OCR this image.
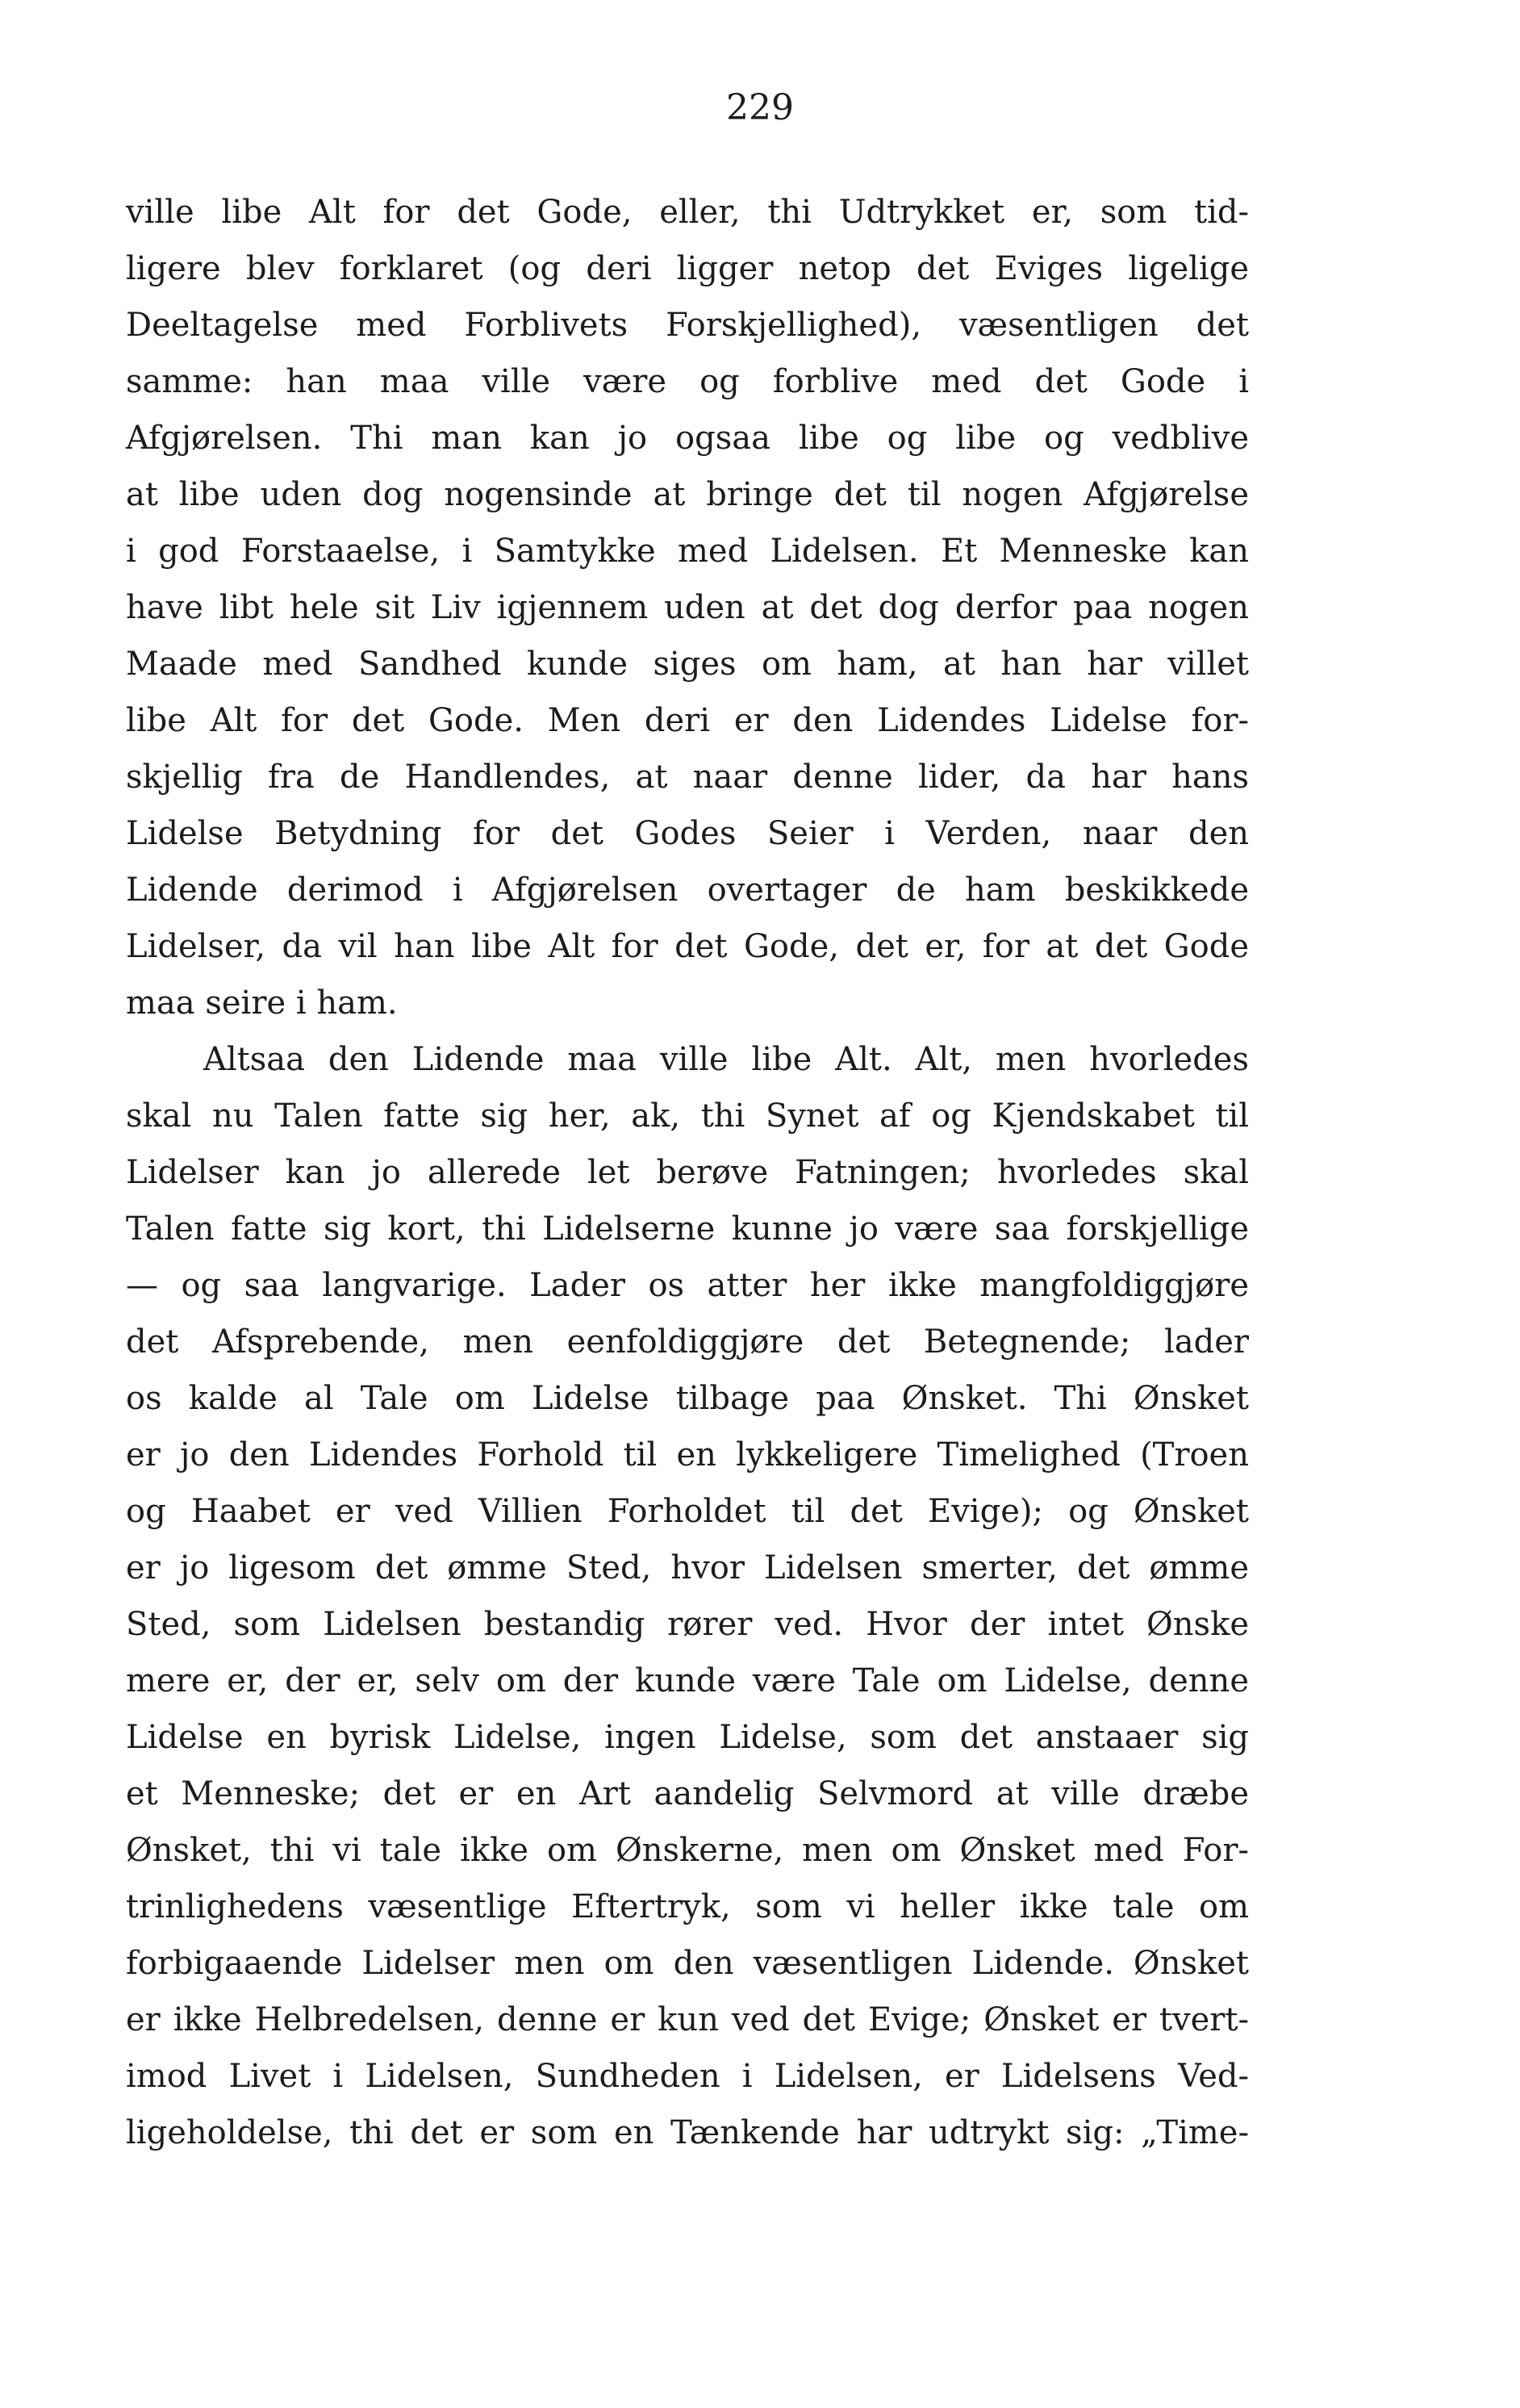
229
villе libe Alt for det Gode, eller, thi Udtrykket er, som tid-
ligere blev forklaret (og deri ligger netop det Eviges ligelige
Deeltagelse med Forblivets Forskjellighed), væsentligen det
samme: han maa ville være og forblive med det Gode i
Afgjørelsen. Thi man kan jo ogsaa libe og libe og vedblive
at libe uden dog nogensinde at bringe det til nogen Afgjørelse
i god Forstaaelse, i Samtykke med Lidelsen. Et Menneske kan
have libt hele sit Liv igjennem uden at det dog derfor paa nogen
Maade med Sandhed kunde siges om ham, at han har villet
libe Alt for det Gode. Men deri er den Lidendes Lidelse for-
skjellig fra de Handlendes, at naar denne lider, da har hans
Lidelse Betydning for det Godes Seier i Verden, naar den
Lidende derimod i Afgjørelsen overtager de ham beskikkede
Lidelser, da vil han libe Alt for det Gode, det er, for at det Gode
maa seire i ham.
Altsaa den Lidende maa ville libe Alt. Alt, men hvorledes
skal nu Talen fatte sig her, ak, thi Synet af og Kjendskabet til
Lidelser kan jo allerede let berøve Fatningen; hvorledes skal
Talen fatte sig kort, thi Lidelserne kunne jo være saa forskjellige
— og saa langvarige. Lader os atter her ikke mangfoldiggjøre
det Afsprebende, men eenfoldiggjøre det Betegnende; lader
os kalde al Tale om Lidelse tilbage paa Ønsket. Thi Ønsket
er jo den Lidendes Forhold til en lykkeligere Timelighed (Troen
og Haabet er ved Villien Forholdet til det Evige); og Ønsket
er jo ligesom det ømme Sted, hvor Lidelsen smerter, det ømme
Sted, som Lidelsen bestandig rører ved. Hvor der intet Ønske
mere er, der er, selv om der kunde være Tale om Lidelse, denne
Lidelse en byrisk Lidelse, ingen Lidelse, som det anstaaer sig
et Menneske; det er en Art aandelig Selvmord at ville dræbe
Ønsket, thi vi tale ikke om Ønskerne, men om Ønsket med For-
trinlighedens væsentlige Eftertryk, som vi heller ikke tale om
forbigaaende Lidelser men om den væsentligen Lidende. Ønsket
er ikke Helbredelsen, denne er kun ved det Evige; Ønsket er tvert-
imod Livet i Lidelsen, Sundheden i Lidelsen, er Lidelsens Ved-
ligeholdelse, thi det er som en Tænkende har udtrykt sig: „Time-
